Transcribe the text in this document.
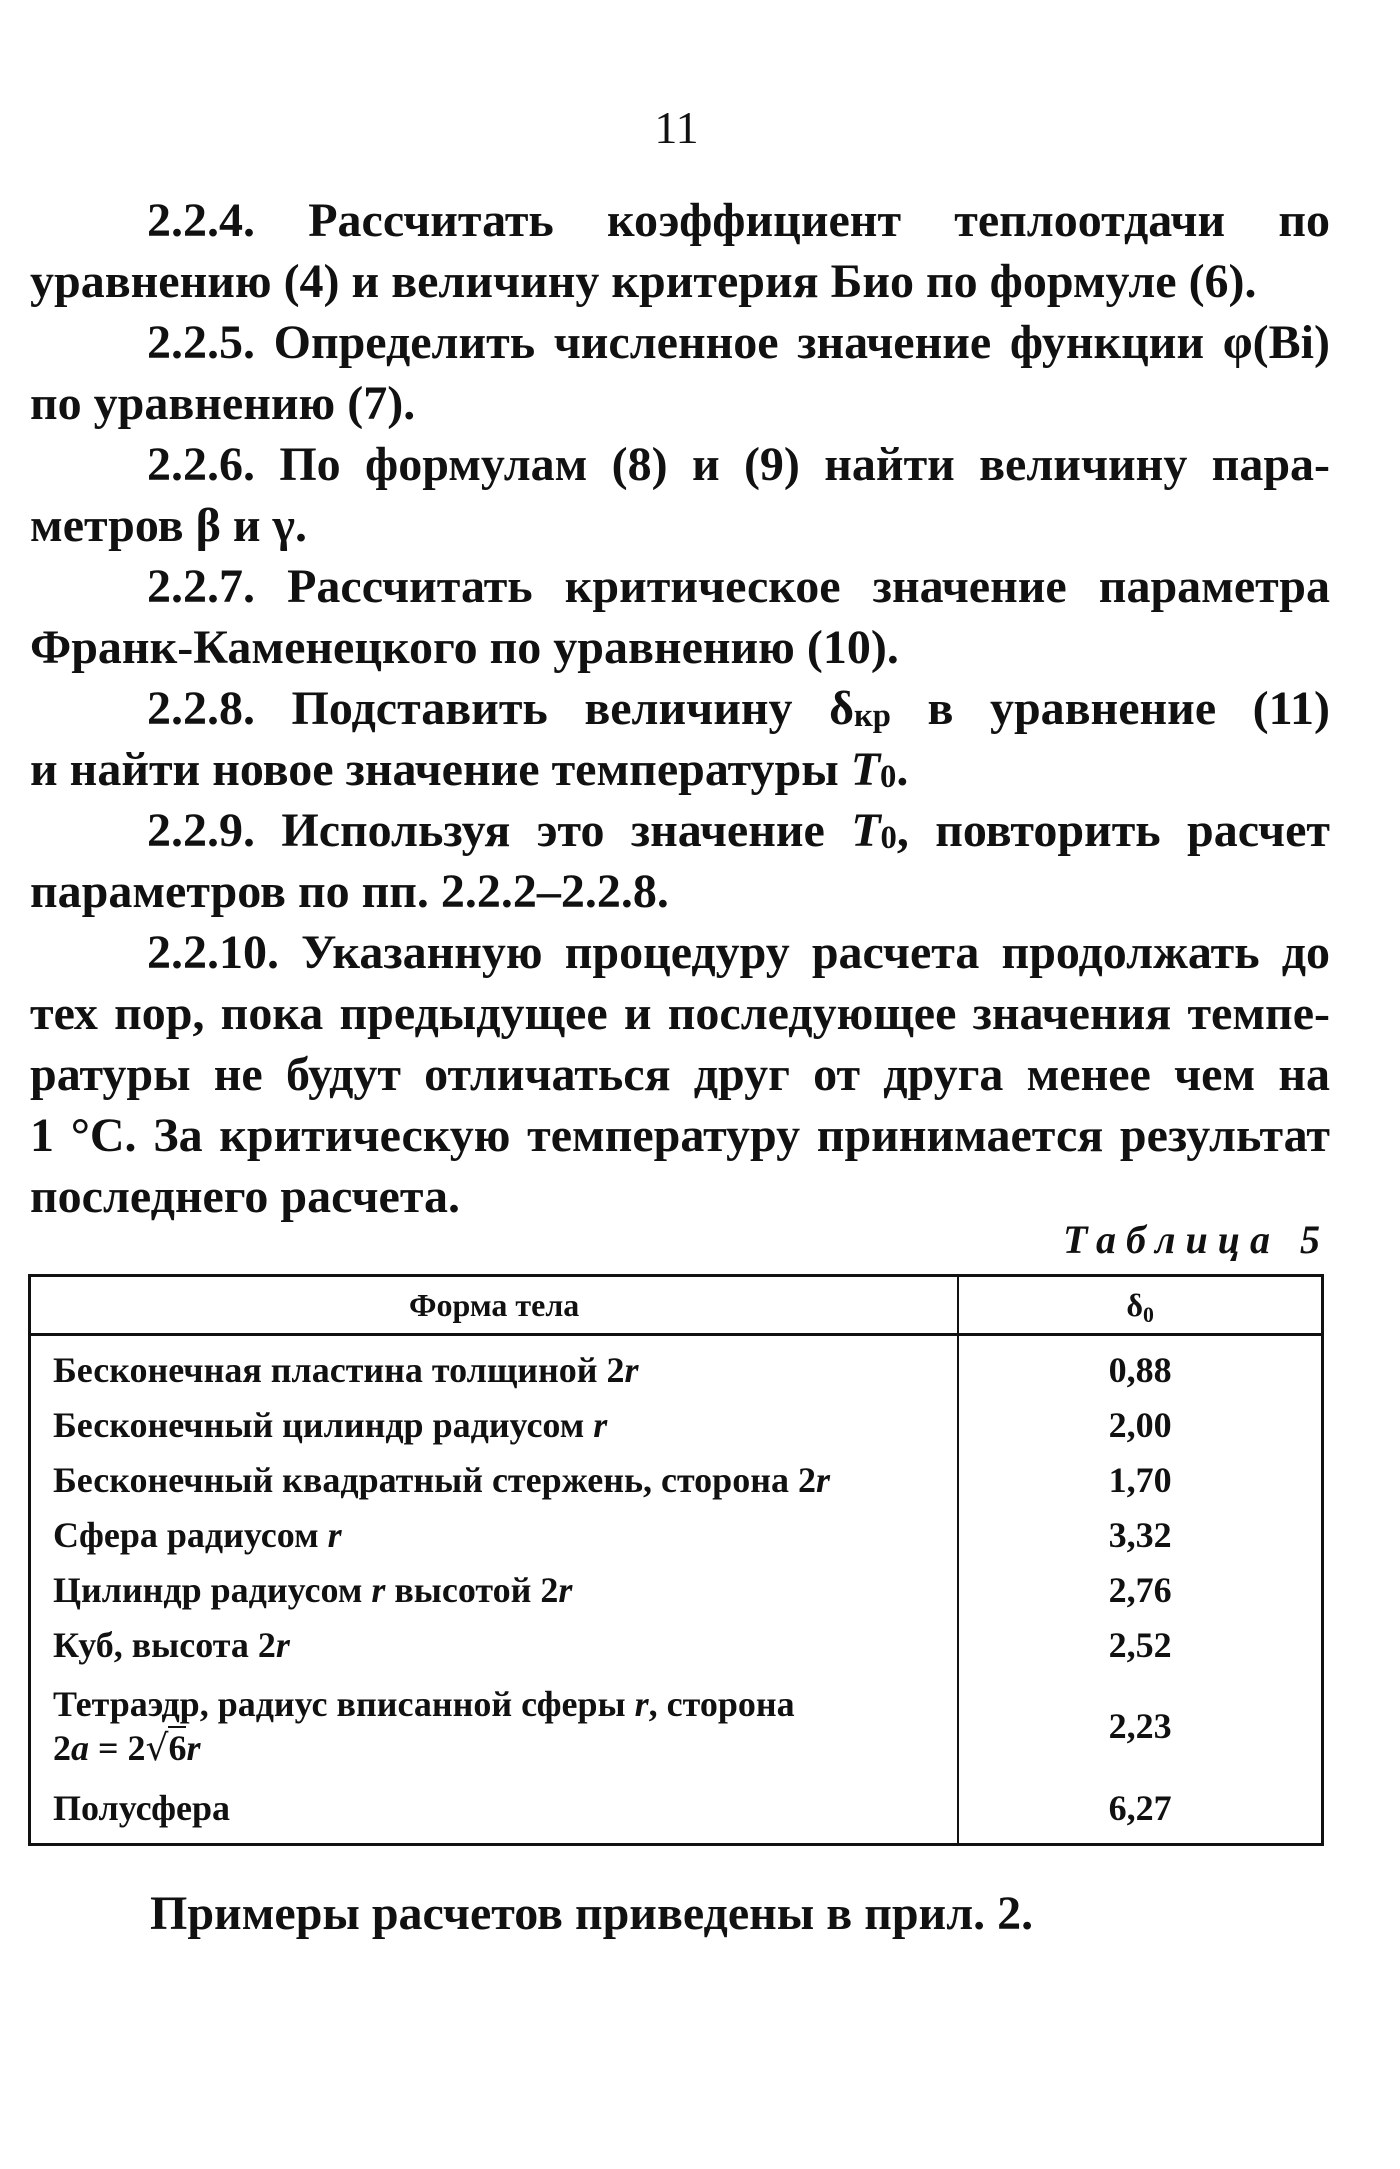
11
2.2.4. Рассчитать коэффициент теплоотдачи по
уравнению (4) и величину критерия Био по формуле (6).
2.2.5. Определить численное значение функции φ(Bi)
по уравнению (7).
2.2.6. По формулам (8) и (9) найти величину пара-
метров β и γ.
2.2.7. Рассчитать критическое значение параметра
Франк-Каменецкого по уравнению (10).
2.2.8. Подставить величину $\delta_{кр}$ в уравнение (11)
и найти новое значение температуры $T_0$.
2.2.9. Используя это значение $T_0$, повторить расчет
параметров по пп. 2.2.2–2.2.8.
2.2.10. Указанную процедуру расчета продолжать до
тех пор, пока предыдущее и последующее значения темпе-
ратуры не будут отличаться друг от друга менее чем на
1 °C. За критическую температуру принимается результат
последнего расчета.
Таблица 5
Форма тела	$\delta_0$
Бесконечная пластина толщиной 2r	0,88
Бесконечный цилиндр радиусом r	2,00
Бесконечный квадратный стержень, сторона 2r	1,70
Сфера радиусом r	3,32
Цилиндр радиусом r высотой 2r	2,76
Куб, высота 2r	2,52

Тетраэдр, радиус вписанной сферы r, сторона
2a = 2√6r	2,23
Полусфера	6,27
Примеры расчетов приведены в прил. 2.
